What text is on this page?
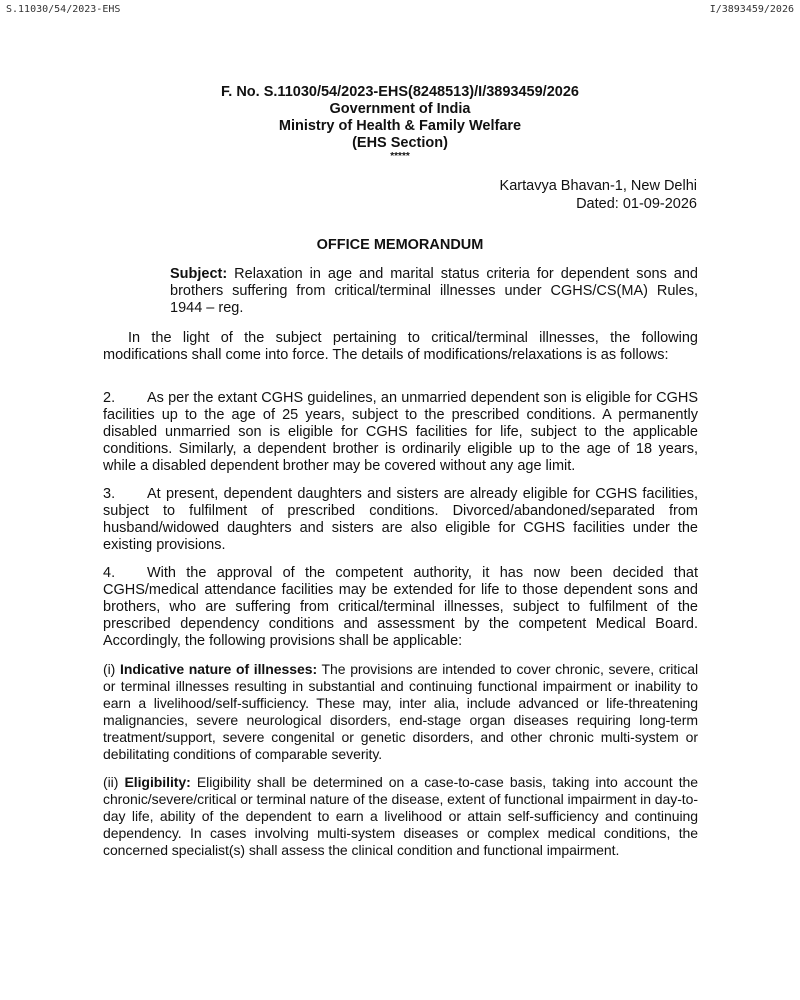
S.11030/54/2023-EHS	I/3893459/2026
F. No. S.11030/54/2023-EHS(8248513)/I/3893459/2026
Government of India
Ministry of Health & Family Welfare
(EHS Section)
*****
Kartavya Bhavan-1, New Delhi
Dated: 01-09-2026
OFFICE MEMORANDUM
Subject: Relaxation in age and marital status criteria for dependent sons and brothers suffering from critical/terminal illnesses under CGHS/CS(MA) Rules, 1944 – reg.

In the light of the subject pertaining to critical/terminal illnesses, the following modifications shall come into force. The details of modifications/relaxations is as follows:

2. As per the extant CGHS guidelines, an unmarried dependent son is eligible for CGHS facilities up to the age of 25 years, subject to the prescribed conditions. A permanently disabled unmarried son is eligible for CGHS facilities for life, subject to the applicable conditions. Similarly, a dependent brother is ordinarily eligible up to the age of 18 years, while a disabled dependent brother may be covered without any age limit.

3. At present, dependent daughters and sisters are already eligible for CGHS facilities, subject to fulfilment of prescribed conditions. Divorced/abandoned/separated from husband/widowed daughters and sisters are also eligible for CGHS facilities under the existing provisions.

4. With the approval of the competent authority, it has now been decided that CGHS/medical attendance facilities may be extended for life to those dependent sons and brothers, who are suffering from critical/terminal illnesses, subject to fulfilment of the prescribed dependency conditions and assessment by the competent Medical Board. Accordingly, the following provisions shall be applicable:

(i) Indicative nature of illnesses: The provisions are intended to cover chronic, severe, critical or terminal illnesses resulting in substantial and continuing functional impairment or inability to earn a livelihood/self-sufficiency. These may, inter alia, include advanced or life-threatening malignancies, severe neurological disorders, end-stage organ diseases requiring long-term treatment/support, severe congenital or genetic disorders, and other chronic multi-system or debilitating conditions of comparable severity.

(ii) Eligibility: Eligibility shall be determined on a case-to-case basis, taking into account the chronic/severe/critical or terminal nature of the disease, extent of functional impairment in day-to-day life, ability of the dependent to earn a livelihood or attain self-sufficiency and continuing dependency. In cases involving multi-system diseases or complex medical conditions, the concerned specialist(s) shall assess the clinical condition and functional impairment.
